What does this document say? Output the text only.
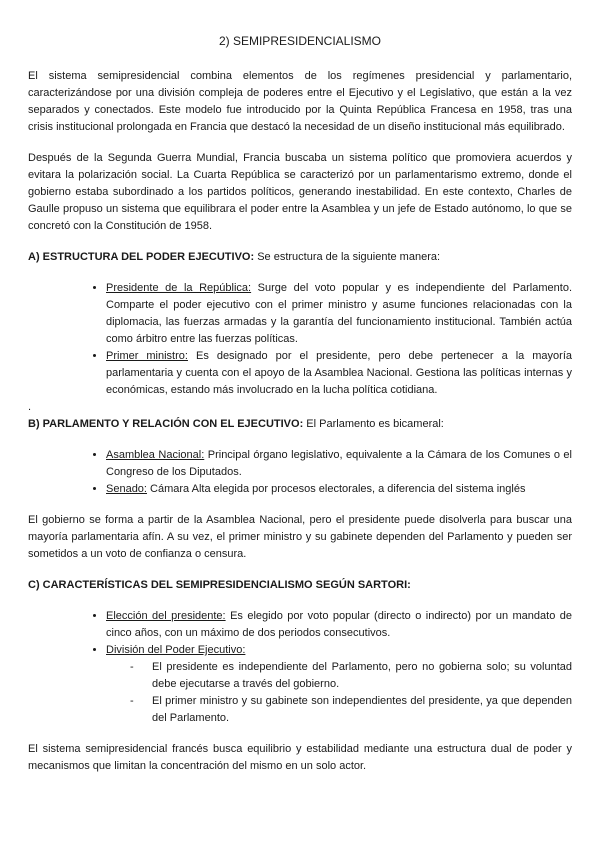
2) SEMIPRESIDENCIALISMO

El sistema semipresidencial combina elementos de los regímenes presidencial y parlamentario, caracterizándose por una división compleja de poderes entre el Ejecutivo y el Legislativo, que están a la vez separados y conectados. Este modelo fue introducido por la Quinta República Francesa en 1958, tras una crisis institucional prolongada en Francia que destacó la necesidad de un diseño institucional más equilibrado.

Después de la Segunda Guerra Mundial, Francia buscaba un sistema político que promoviera acuerdos y evitara la polarización social. La Cuarta República se caracterizó por un parlamentarismo extremo, donde el gobierno estaba subordinado a los partidos políticos, generando inestabilidad. En este contexto, Charles de Gaulle propuso un sistema que equilibrara el poder entre la Asamblea y un jefe de Estado autónomo, lo que se concretó con la Constitución de 1958.

A) ESTRUCTURA DEL PODER EJECUTIVO: Se estructura de la siguiente manera:

• Presidente de la República: Surge del voto popular y es independiente del Parlamento. Comparte el poder ejecutivo con el primer ministro y asume funciones relacionadas con la diplomacia, las fuerzas armadas y la garantía del funcionamiento institucional. También actúa como árbitro entre las fuerzas políticas.
• Primer ministro: Es designado por el presidente, pero debe pertenecer a la mayoría parlamentaria y cuenta con el apoyo de la Asamblea Nacional. Gestiona las políticas internas y económicas, estando más involucrado en la lucha política cotidiana.

.

B) PARLAMENTO Y RELACIÓN CON EL EJECUTIVO: El Parlamento es bicameral:

• Asamblea Nacional: Principal órgano legislativo, equivalente a la Cámara de los Comunes o el Congreso de los Diputados.
• Senado: Cámara Alta elegida por procesos electorales, a diferencia del sistema inglés

El gobierno se forma a partir de la Asamblea Nacional, pero el presidente puede disolverla para buscar una mayoría parlamentaria afín. A su vez, el primer ministro y su gabinete dependen del Parlamento y pueden ser sometidos a un voto de confianza o censura.

C) CARACTERÍSTICAS DEL SEMIPRESIDENCIALISMO SEGÚN SARTORI:

• Elección del presidente: Es elegido por voto popular (directo o indirecto) por un mandato de cinco años, con un máximo de dos periodos consecutivos.
• División del Poder Ejecutivo:
- El presidente es independiente del Parlamento, pero no gobierna solo; su voluntad debe ejecutarse a través del gobierno.
- El primer ministro y su gabinete son independientes del presidente, ya que dependen del Parlamento.

El sistema semipresidencial francés busca equilibrio y estabilidad mediante una estructura dual de poder y mecanismos que limitan la concentración del mismo en un solo actor.
